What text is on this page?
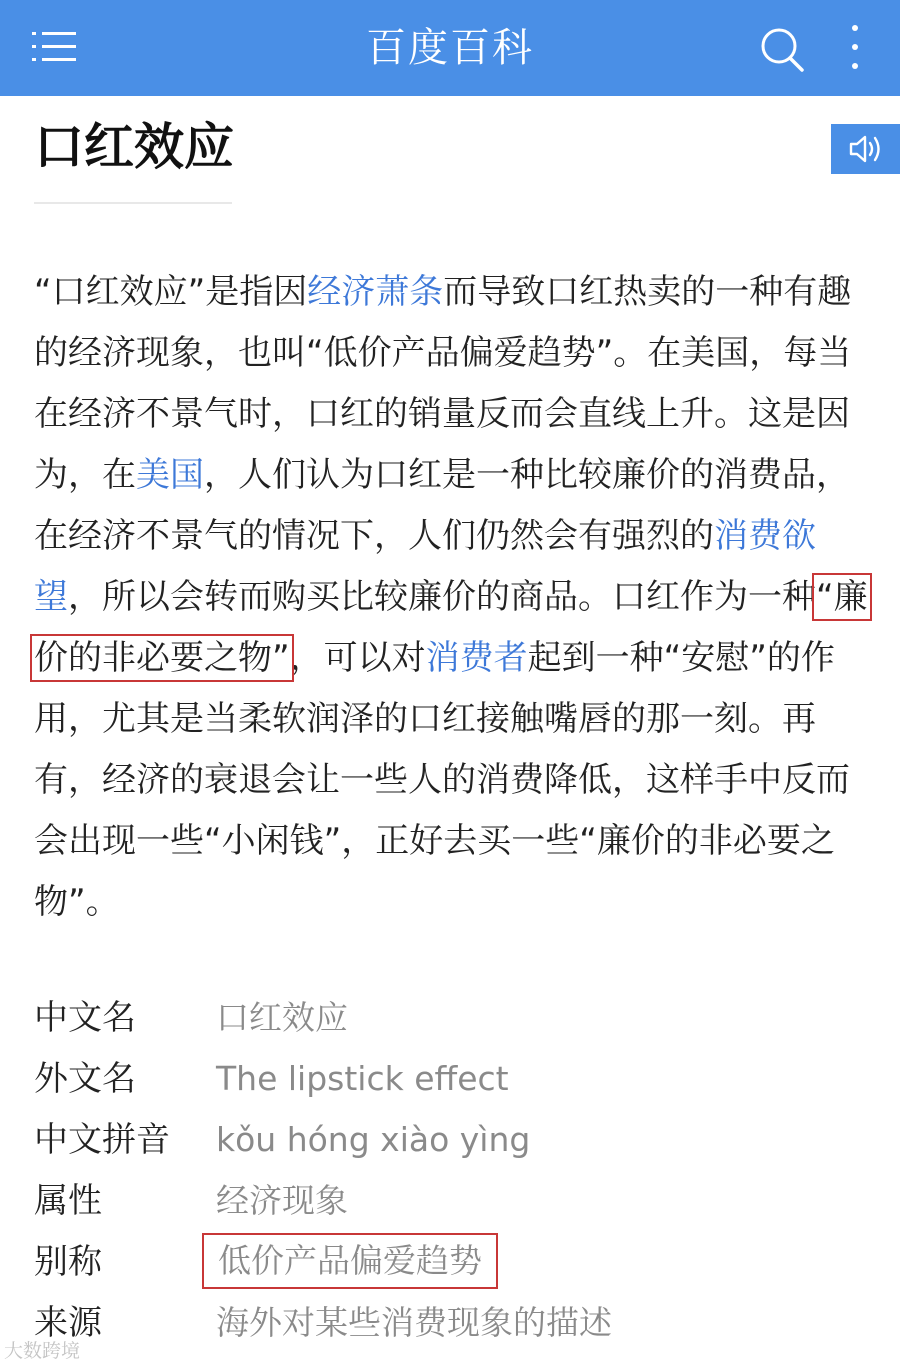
百度百科
口红效应

“口红效应”是指因经济萧条而导致口红热卖的一种有趣的经济现象，也叫“低价产品偏爱趋势”。在美国，每当在经济不景气时，口红的销量反而会直线上升。这是因为，在美国，人们认为口红是一种比较廉价的消费品，在经济不景气的情况下，人们仍然会有强烈的消费欲望，所以会转而购买比较廉价的商品。口红作为一种“廉价的非必要之物”，可以对消费者起到一种“安慰”的作用，尤其是当柔软润泽的口红接触嘴唇的那一刻。再有，经济的衰退会让一些人的消费降低，这样手中反而会出现一些“小闲钱”，正好去买一些“廉价的非必要之物”。

中文名 口红效应
外文名 The lipstick effect
中文拼音 kǒu hóng xiào yìng
属性	经济现象
别称	低价产品偏爱趋势
来源	海外对某些消费现象的描述
大数跨境
